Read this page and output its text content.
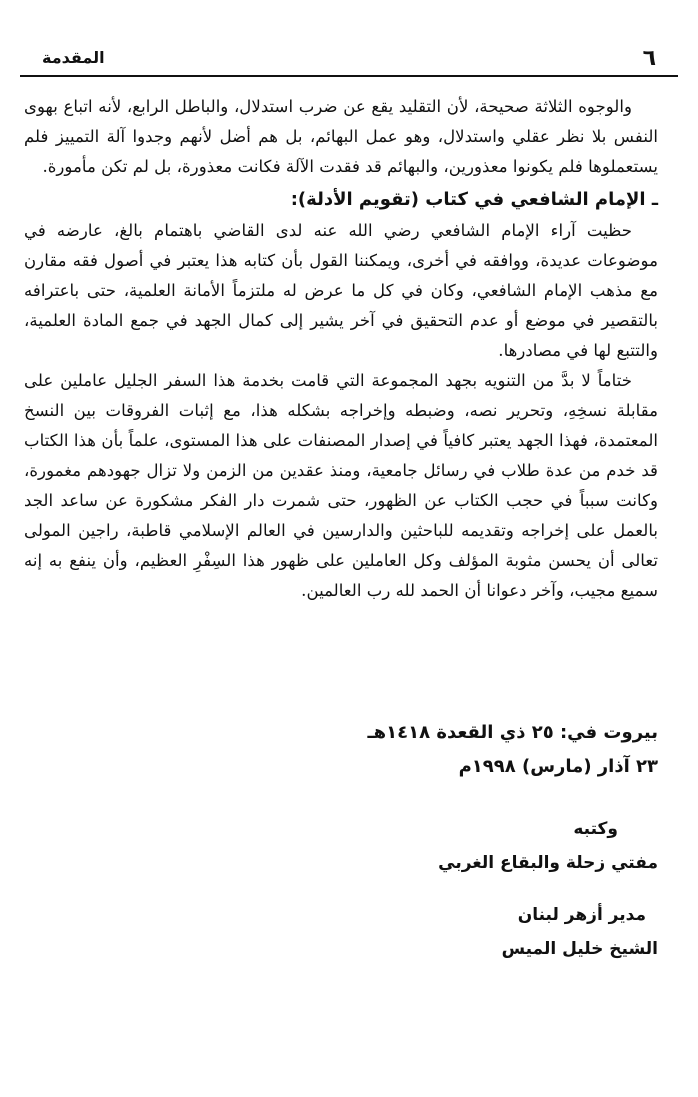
٦
المقدمة

والوجوه الثلاثة صحيحة، لأن التقليد يقع عن ضرب استدلال، والباطل الرابع، لأنه اتباع بهوى النفس بلا نظر عقلي واستدلال، وهو عمل البهائم، بل هم أضل لأنهم وجدوا آلة التمييز فلم يستعملوها فلم يكونوا معذورين، والبهائم قد فقدت الآلة فكانت معذورة، بل لم تكن مأمورة.

ـ الإمام الشافعي في كتاب (تقويم الأدلة):

حظيت آراء الإمام الشافعي رضي الله عنه لدى القاضي باهتمام بالغ، عارضه في موضوعات عديدة، ووافقه في أخرى، ويمكننا القول بأن كتابه هذا يعتبر في أصول فقه مقارن مع مذهب الإمام الشافعي، وكان في كل ما عرض له ملتزماً الأمانة العلمية، حتى باعترافه بالتقصير في موضع أو عدم التحقيق في آخر يشير إلى كمال الجهد في جمع المادة العلمية، والتتبع لها في مصادرها.

ختاماً لا بدَّ من التنويه بجهد المجموعة التي قامت بخدمة هذا السفر الجليل عاملين على مقابلة نسخِهِ، وتحرير نصه، وضبطه وإخراجه بشكله هذا، مع إثبات الفروقات بين النسخ المعتمدة، فهذا الجهد يعتبر كافياً في إصدار المصنفات على هذا المستوى، علماً بأن هذا الكتاب قد خدم من عدة طلاب في رسائل جامعية، ومنذ عقدين من الزمن ولا تزال جهودهم مغمورة، وكانت سبباً في حجب الكتاب عن الظهور، حتى شمرت دار الفكر مشكورة عن ساعد الجد بالعمل على إخراجه وتقديمه للباحثين والدارسين في العالم الإسلامي قاطبة، راجين المولى تعالى أن يحسن مثوبة المؤلف وكل العاملين على ظهور هذا السِفْرِ العظيم، وأن ينفع به إنه سميع مجيب، وآخر دعوانا أن الحمد لله رب العالمين.

بيروت في: ٢٥ ذي القعدة ١٤١٨هـ
٢٣ آذار (مارس) ١٩٩٨م
وكتبه
مفتي زحلة والبقاع الغربي
مدير أزهر لبنان
الشيخ خليل الميس
